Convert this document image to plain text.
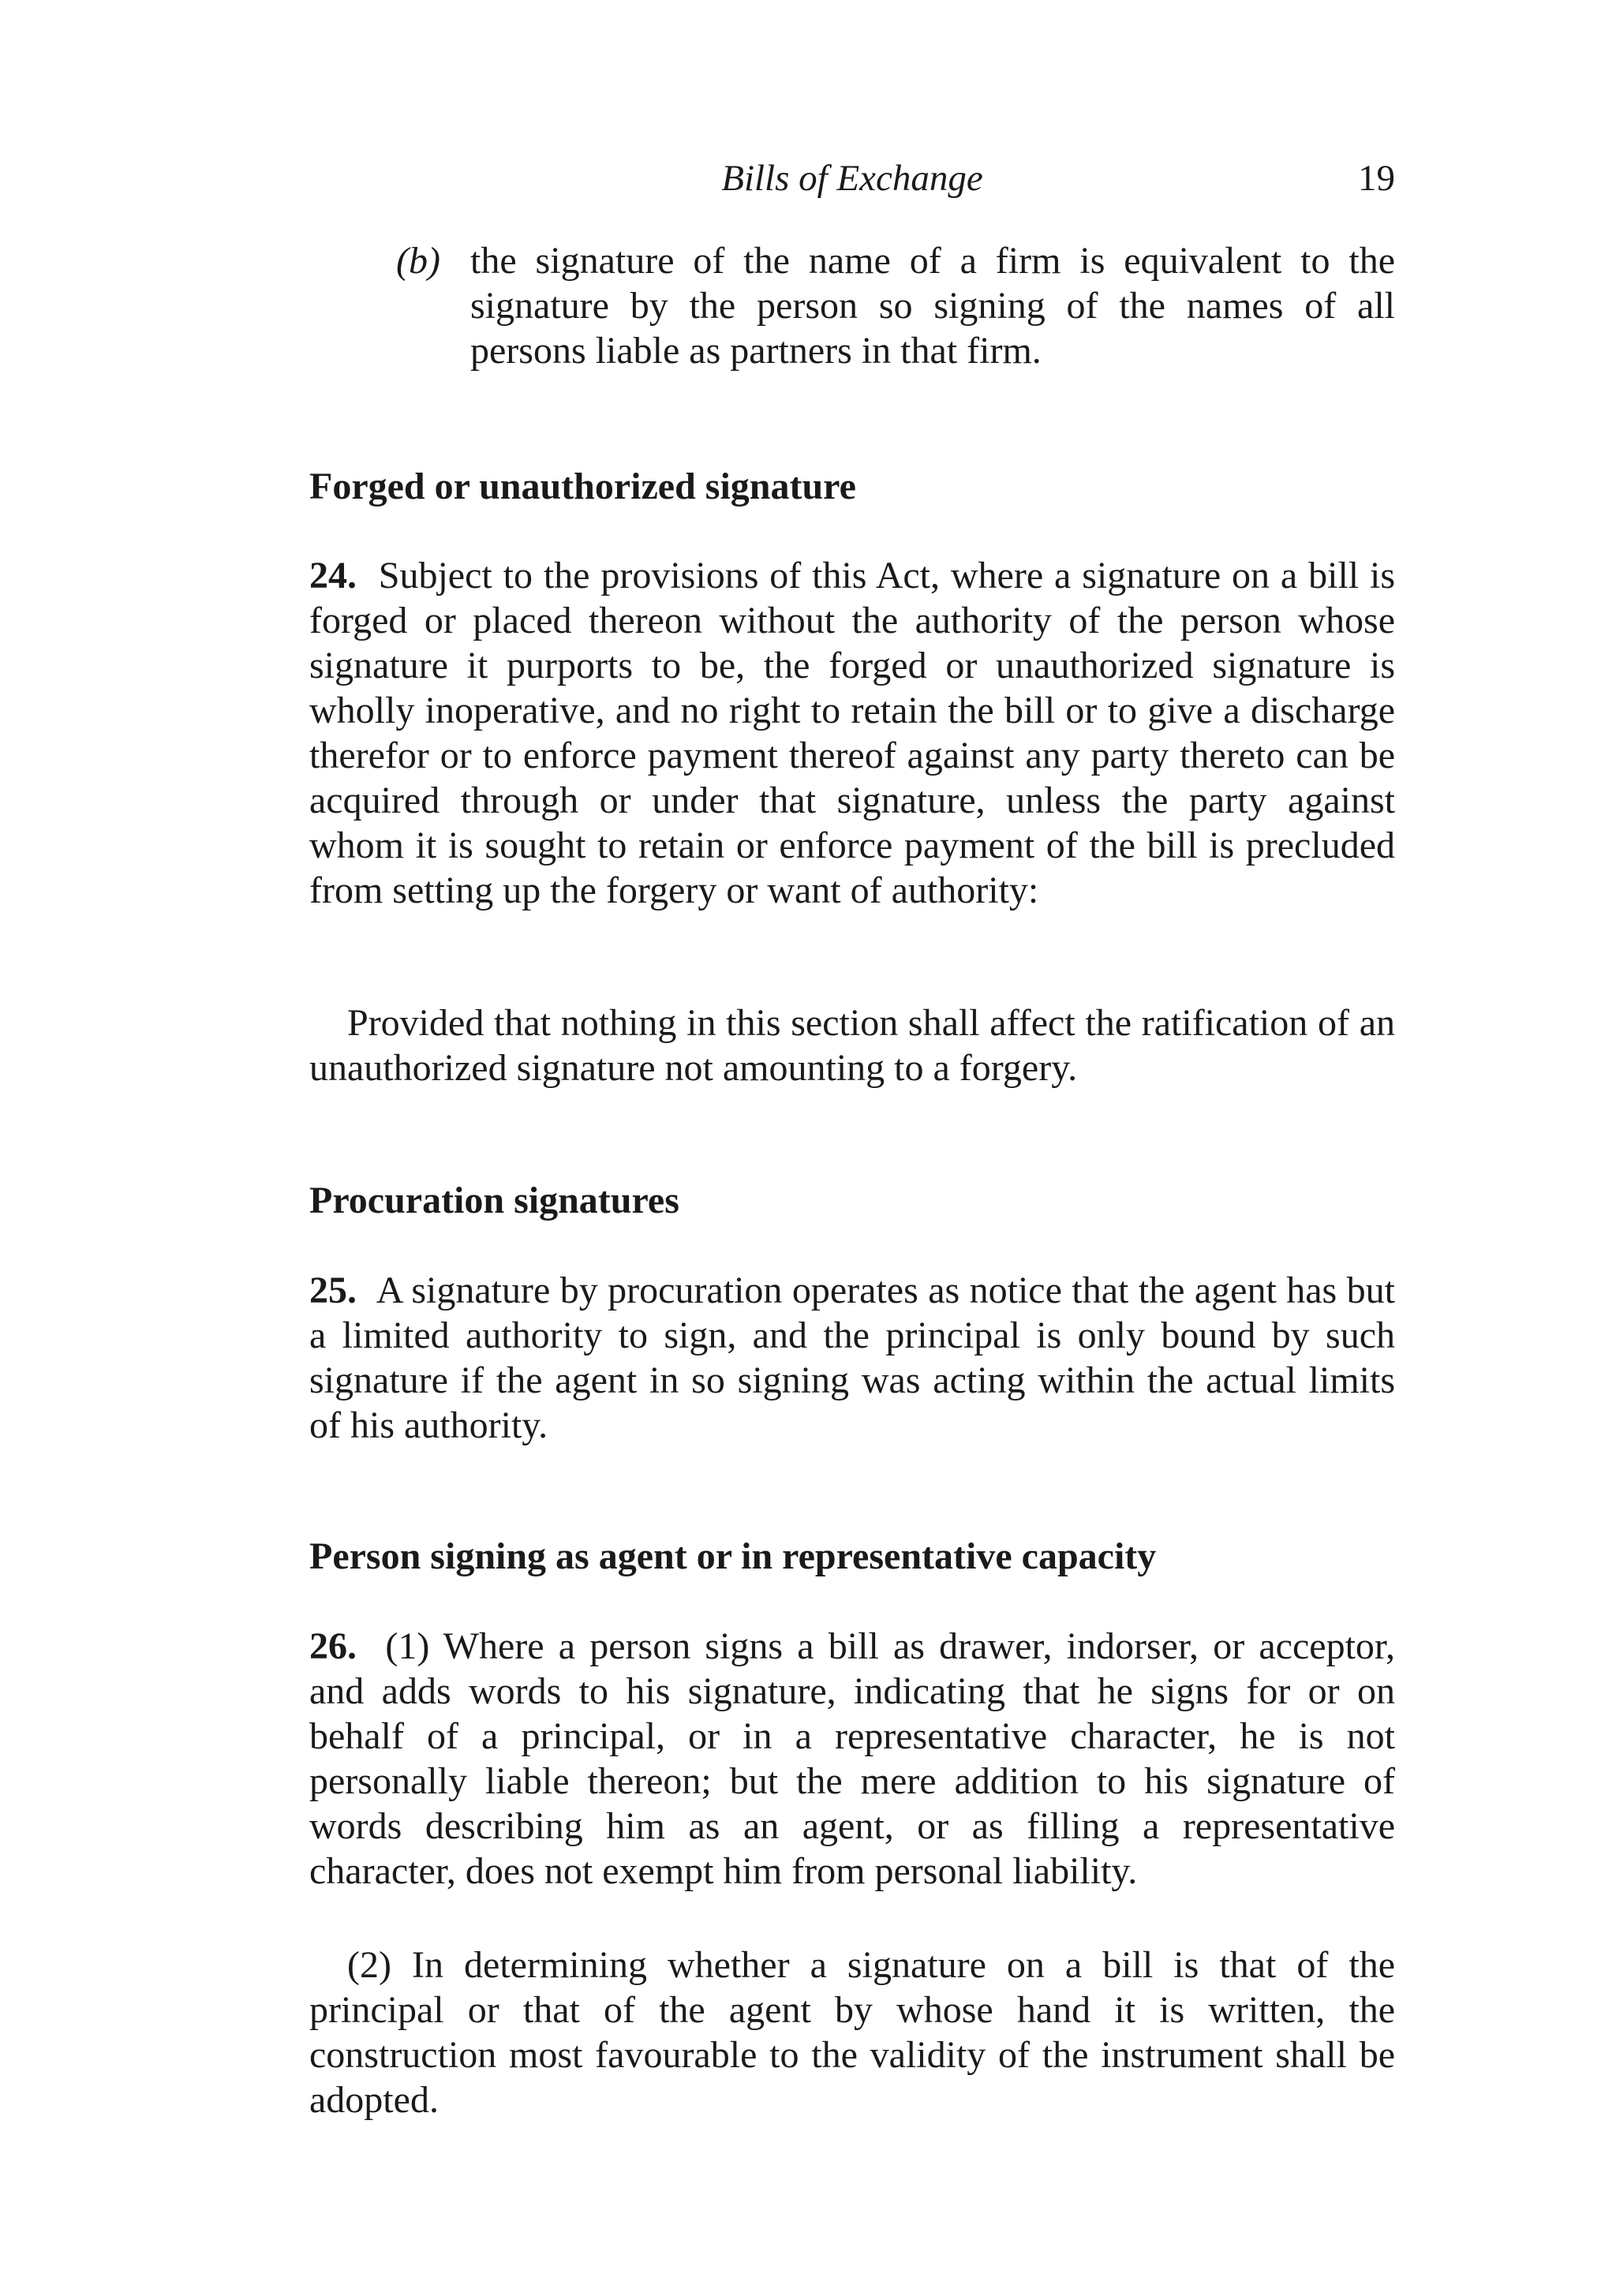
Bills of Exchange	19
(b) the signature of the name of a firm is equivalent to the signature by the person so signing of the names of all persons liable as partners in that firm.

Forged or unauthorized signature

24. Subject to the provisions of this Act, where a signature on a bill is forged or placed thereon without the authority of the person whose signature it purports to be, the forged or unauthorized signature is wholly inoperative, and no right to retain the bill or to give a discharge therefor or to enforce payment thereof against any party thereto can be acquired through or under that signature, unless the party against whom it is sought to retain or enforce payment of the bill is precluded from setting up the forgery or want of authority:

Provided that nothing in this section shall affect the ratification of an unauthorized signature not amounting to a forgery.

Procuration signatures

25. A signature by procuration operates as notice that the agent has but a limited authority to sign, and the principal is only bound by such signature if the agent in so signing was acting within the actual limits of his authority.

Person signing as agent or in representative capacity

26. (1) Where a person signs a bill as drawer, indorser, or acceptor, and adds words to his signature, indicating that he signs for or on behalf of a principal, or in a representative character, he is not personally liable thereon; but the mere addition to his signature of words describing him as an agent, or as filling a representative character, does not exempt him from personal liability.

(2) In determining whether a signature on a bill is that of the principal or that of the agent by whose hand it is written, the construction most favourable to the validity of the instrument shall be adopted.
